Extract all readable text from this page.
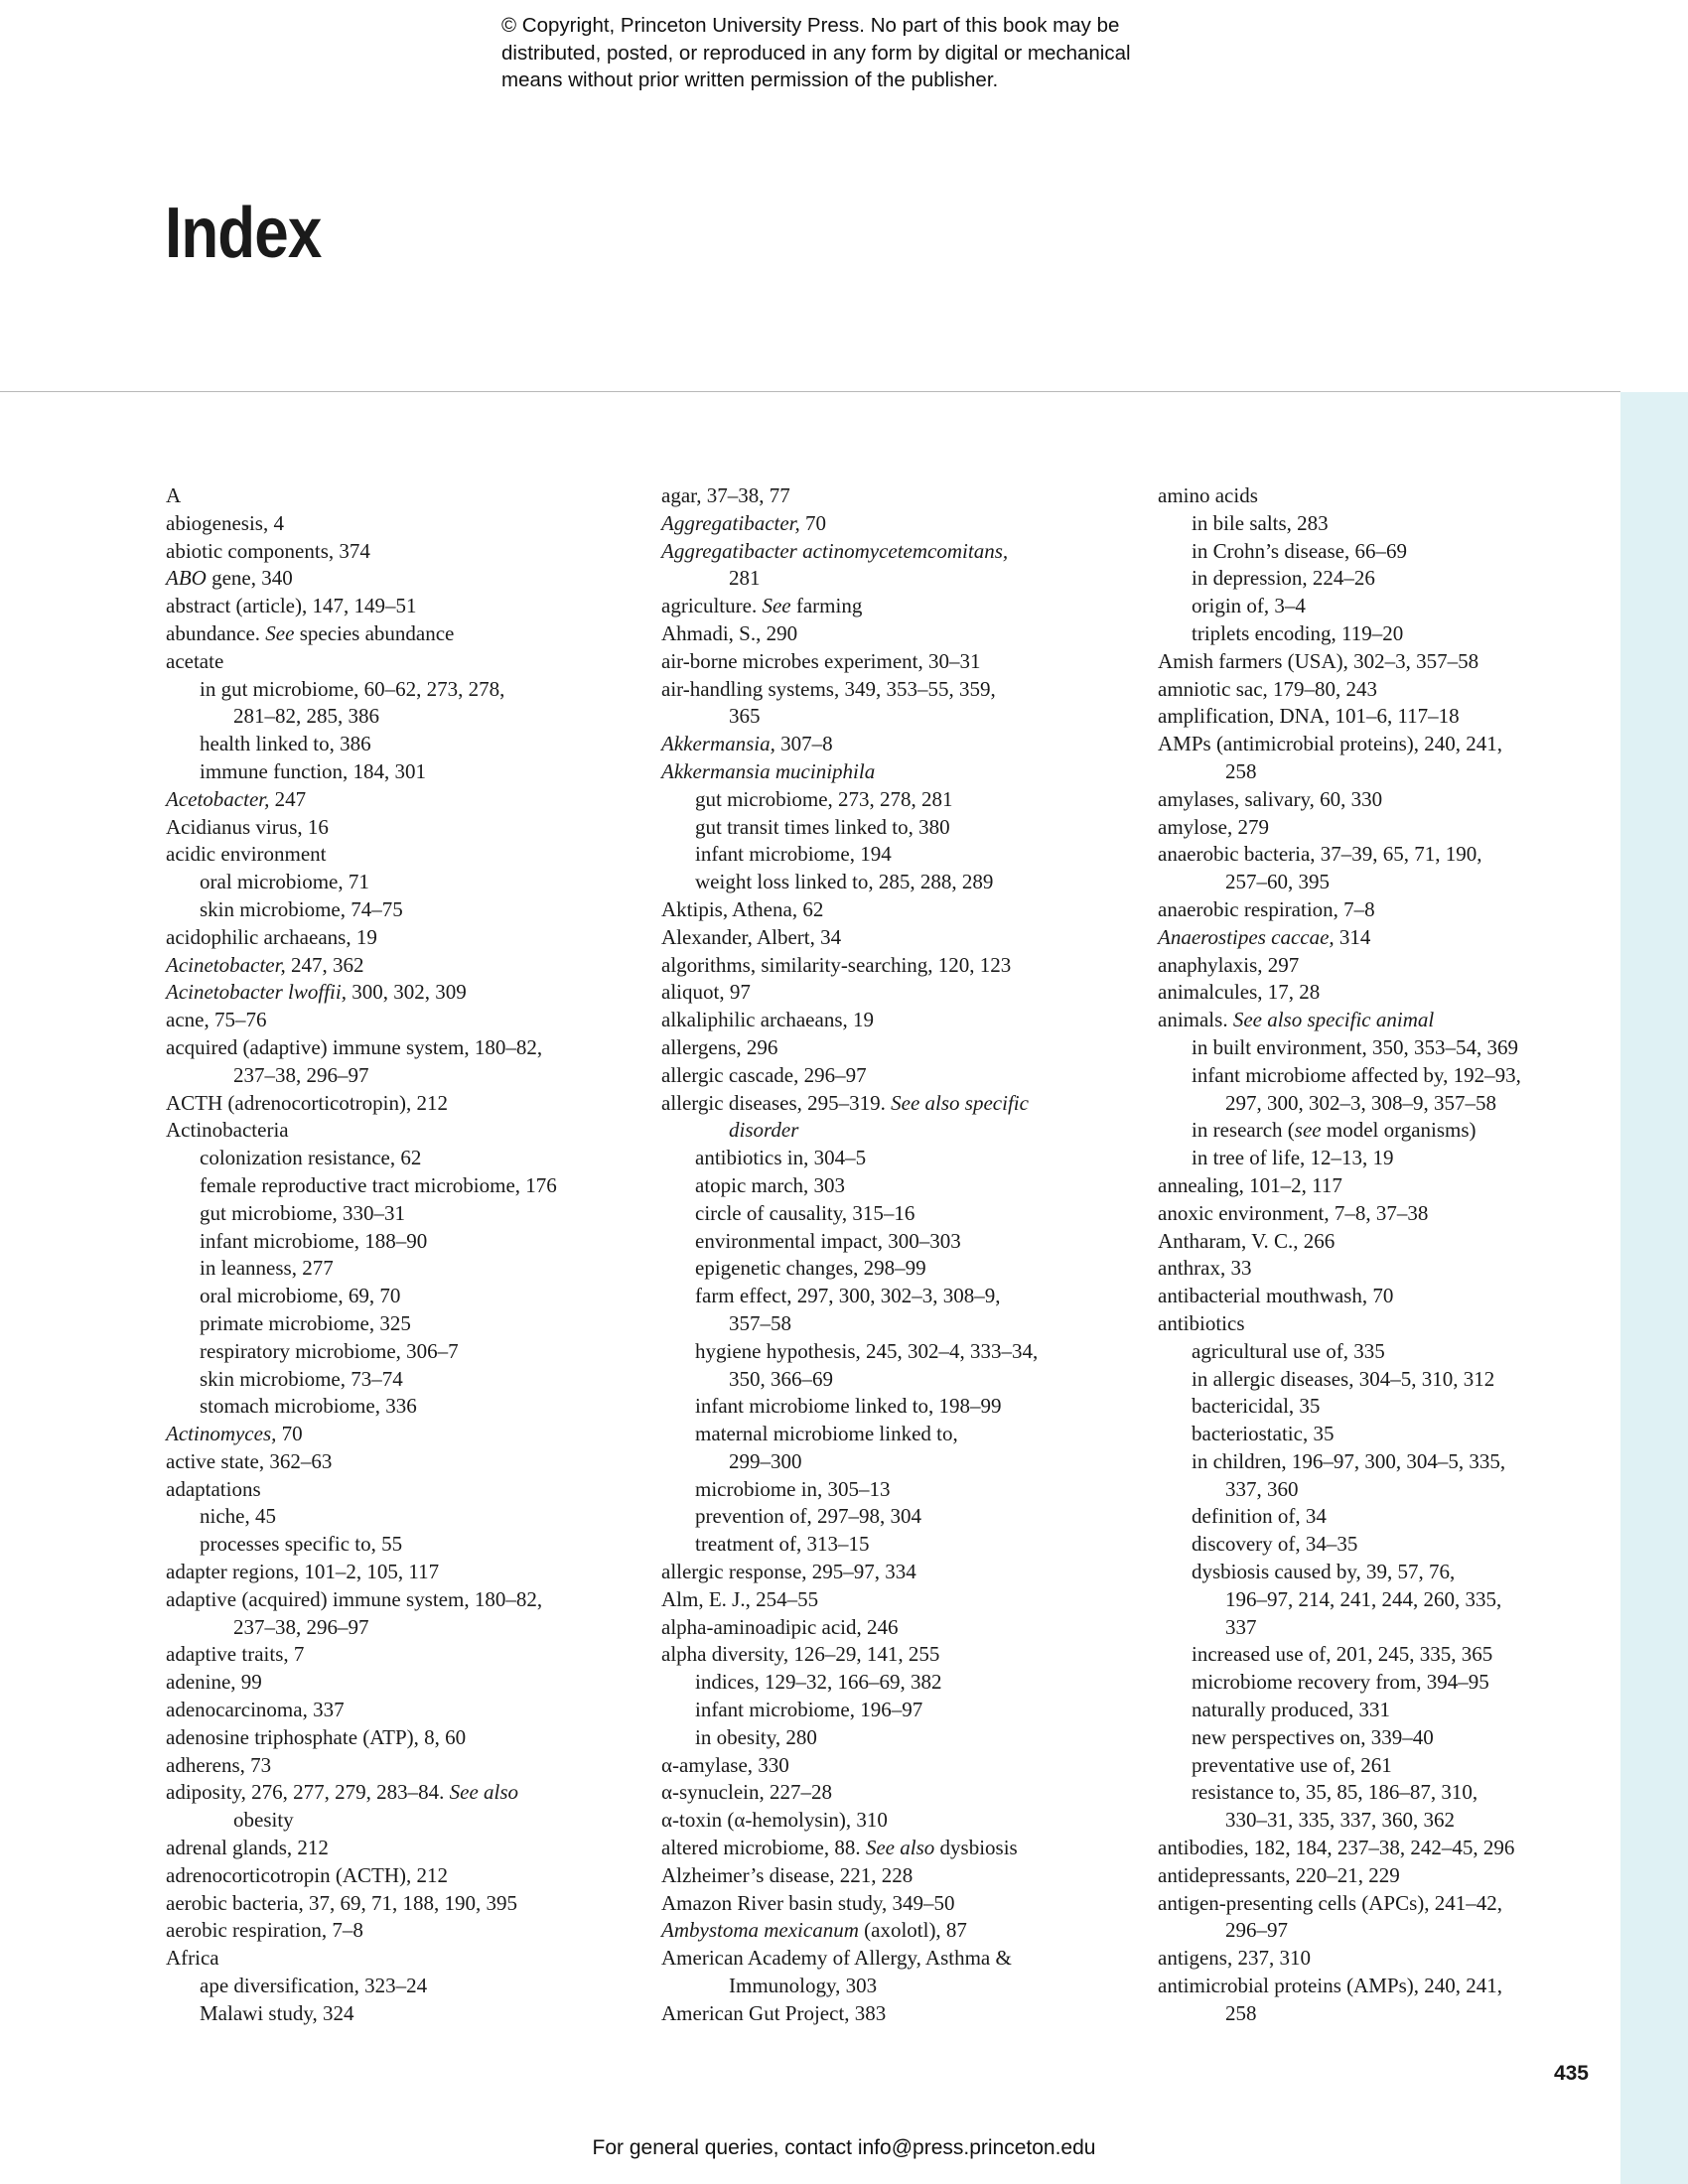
© Copyright, Princeton University Press. No part of this book may be
distributed, posted, or reproduced in any form by digital or mechanical
means without prior written permission of the publisher.
Index
A
abiogenesis, 4
abiotic components, 374
ABO gene, 340
abstract (article), 147, 149–51
abundance. See species abundance
acetate
in gut microbiome, 60–62, 273, 278,
281–82, 285, 386
health linked to, 386
immune function, 184, 301
Acetobacter, 247
Acidianus virus, 16
acidic environment
oral microbiome, 71
skin microbiome, 74–75
acidophilic archaeans, 19
Acinetobacter, 247, 362
Acinetobacter lwoffii, 300, 302, 309
acne, 75–76
acquired (adaptive) immune system, 180–82,
237–38, 296–97
ACTH (adrenocorticotropin), 212
Actinobacteria
colonization resistance, 62
female reproductive tract microbiome, 176
gut microbiome, 330–31
infant microbiome, 188–90
in leanness, 277
oral microbiome, 69, 70
primate microbiome, 325
respiratory microbiome, 306–7
skin microbiome, 73–74
stomach microbiome, 336
Actinomyces, 70
active state, 362–63
adaptations
niche, 45
processes specific to, 55
adapter regions, 101–2, 105, 117
adaptive (acquired) immune system, 180–82,
237–38, 296–97
adaptive traits, 7
adenine, 99
adenocarcinoma, 337
adenosine triphosphate (ATP), 8, 60
adherens, 73
adiposity, 276, 277, 279, 283–84. See also
obesity
adrenal glands, 212
adrenocorticotropin (ACTH), 212
aerobic bacteria, 37, 69, 71, 188, 190, 395
aerobic respiration, 7–8
Africa
ape diversification, 323–24
Malawi study, 324
agar, 37–38, 77
Aggregatibacter, 70
Aggregatibacter actinomycetemcomitans,
281
agriculture. See farming
Ahmadi, S., 290
air-borne microbes experiment, 30–31
air-handling systems, 349, 353–55, 359,
365
Akkermansia, 307–8
Akkermansia muciniphila
gut microbiome, 273, 278, 281
gut transit times linked to, 380
infant microbiome, 194
weight loss linked to, 285, 288, 289
Aktipis, Athena, 62
Alexander, Albert, 34
algorithms, similarity-searching, 120, 123
aliquot, 97
alkaliphilic archaeans, 19
allergens, 296
allergic cascade, 296–97
allergic diseases, 295–319. See also specific
disorder
antibiotics in, 304–5
atopic march, 303
circle of causality, 315–16
environmental impact, 300–303
epigenetic changes, 298–99
farm effect, 297, 300, 302–3, 308–9,
357–58
hygiene hypothesis, 245, 302–4, 333–34,
350, 366–69
infant microbiome linked to, 198–99
maternal microbiome linked to,
299–300
microbiome in, 305–13
prevention of, 297–98, 304
treatment of, 313–15
allergic response, 295–97, 334
Alm, E. J., 254–55
alpha-aminoadipic acid, 246
alpha diversity, 126–29, 141, 255
indices, 129–32, 166–69, 382
infant microbiome, 196–97
in obesity, 280
α-amylase, 330
α-synuclein, 227–28
α-toxin (α-hemolysin), 310
altered microbiome, 88. See also dysbiosis
Alzheimer’s disease, 221, 228
Amazon River basin study, 349–50
Ambystoma mexicanum (axolotl), 87
American Academy of Allergy, Asthma &
Immunology, 303
American Gut Project, 383
amino acids
in bile salts, 283
in Crohn’s disease, 66–69
in depression, 224–26
origin of, 3–4
triplets encoding, 119–20
Amish farmers (USA), 302–3, 357–58
amniotic sac, 179–80, 243
amplification, DNA, 101–6, 117–18
AMPs (antimicrobial proteins), 240, 241,
258
amylases, salivary, 60, 330
amylose, 279
anaerobic bacteria, 37–39, 65, 71, 190,
257–60, 395
anaerobic respiration, 7–8
Anaerostipes caccae, 314
anaphylaxis, 297
animalcules, 17, 28
animals. See also specific animal
in built environment, 350, 353–54, 369
infant microbiome affected by, 192–93,
297, 300, 302–3, 308–9, 357–58
in research (see model organisms)
in tree of life, 12–13, 19
annealing, 101–2, 117
anoxic environment, 7–8, 37–38
Antharam, V. C., 266
anthrax, 33
antibacterial mouthwash, 70
antibiotics
agricultural use of, 335
in allergic diseases, 304–5, 310, 312
bactericidal, 35
bacteriostatic, 35
in children, 196–97, 300, 304–5, 335,
337, 360
definition of, 34
discovery of, 34–35
dysbiosis caused by, 39, 57, 76,
196–97, 214, 241, 244, 260, 335,
337
increased use of, 201, 245, 335, 365
microbiome recovery from, 394–95
naturally produced, 331
new perspectives on, 339–40
preventative use of, 261
resistance to, 35, 85, 186–87, 310,
330–31, 335, 337, 360, 362
antibodies, 182, 184, 237–38, 242–45, 296
antidepressants, 220–21, 229
antigen-presenting cells (APCs), 241–42,
296–97
antigens, 237, 310
antimicrobial proteins (AMPs), 240, 241,
258
435
For general queries, contact info@press.princeton.edu
